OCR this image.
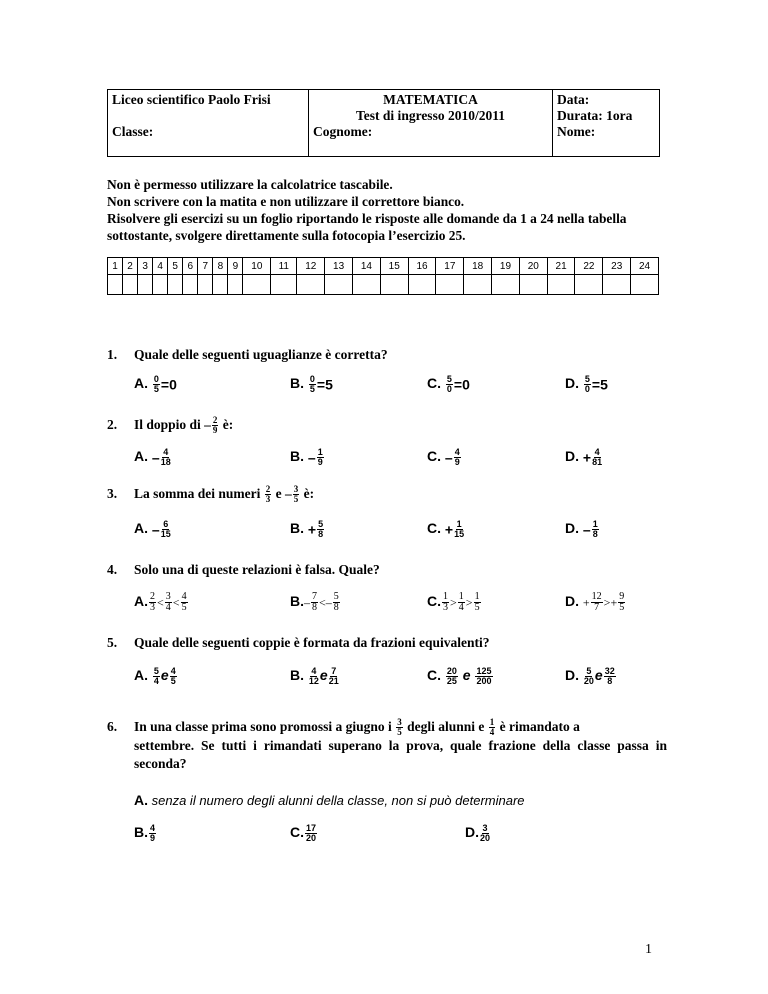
Liceo scientifico Paolo Frisi
Classe:

MATEMATICA
Test di ingresso 2010/2011
Cognome:

Data:
Durata: 1ora
Nome:
Non è permesso utilizzare la calcolatrice tascabile.
Non scrivere con la matita e non utilizzare il correttore bianco.
Risolvere gli esercizi su un foglio riportando le risposte alle domande da 1 a 24 nella tabella sottostante, svolgere direttamente sulla fotocopia l’esercizio 25.
1	2	3	4	5	6	7	8	9	10	11	12	13	14	15	16	17	18	19	20	21	22	23	24

1. Quale delle seguenti uguaglianze è corretta?
A. $\frac{0}{5} =0$	B. $\frac{0}{5} =5$	C. $\frac{5}{0} =0$	D. $\frac{5}{0} =5$
2. Il doppio di – $\frac{2}{9}$ è:
A. – $\frac{4}{18}$	B. – $\frac{1}{9}$	C. – $\frac{4}{9}$	D. + $\frac{4}{81}$
3. La somma dei numeri $\frac{2}{3}$ e – $\frac{3}{5}$ è:
A. – $\frac{6}{15}$	B. + $\frac{5}{8}$	C. + $\frac{1}{15}$	D. – $\frac{1}{8}$
4. Solo una di queste relazioni è falsa. Quale?
A. $\frac{2}{3} < \frac{3}{4} < \frac{4}{5}$	$B.- \frac{7}{8} <- \frac{5}{8}$	C. $\frac{1}{3} > \frac{1}{4} > \frac{1}{5}$	D. + $\frac{12}{7} >+ \frac{9}{5}$
5. Quale delle seguenti coppie è formata da frazioni equivalenti?
A. $\frac{5}{4}$ e $\frac{4}{5}$	B. $\frac{4}{12}$ e $\frac{7}{21}$	C. $\frac{20}{25}$ e $\frac{125}{200}$	D. $\frac{5}{20}$ e $\frac{32}{8}$
6. In una classe prima sono promossi a giugno i $\frac{3}{5}$ degli alunni e $\frac{1}{4}$ è rimandato a
settembre. Se tutti i rimandati superano la prova, quale frazione della classe passa in seconda?
A. senza il numero degli alunni della classe, non si può determinare
B. $\frac{4}{9}$	C. $\frac{17}{20}$	D. $\frac{3}{20}$
1
